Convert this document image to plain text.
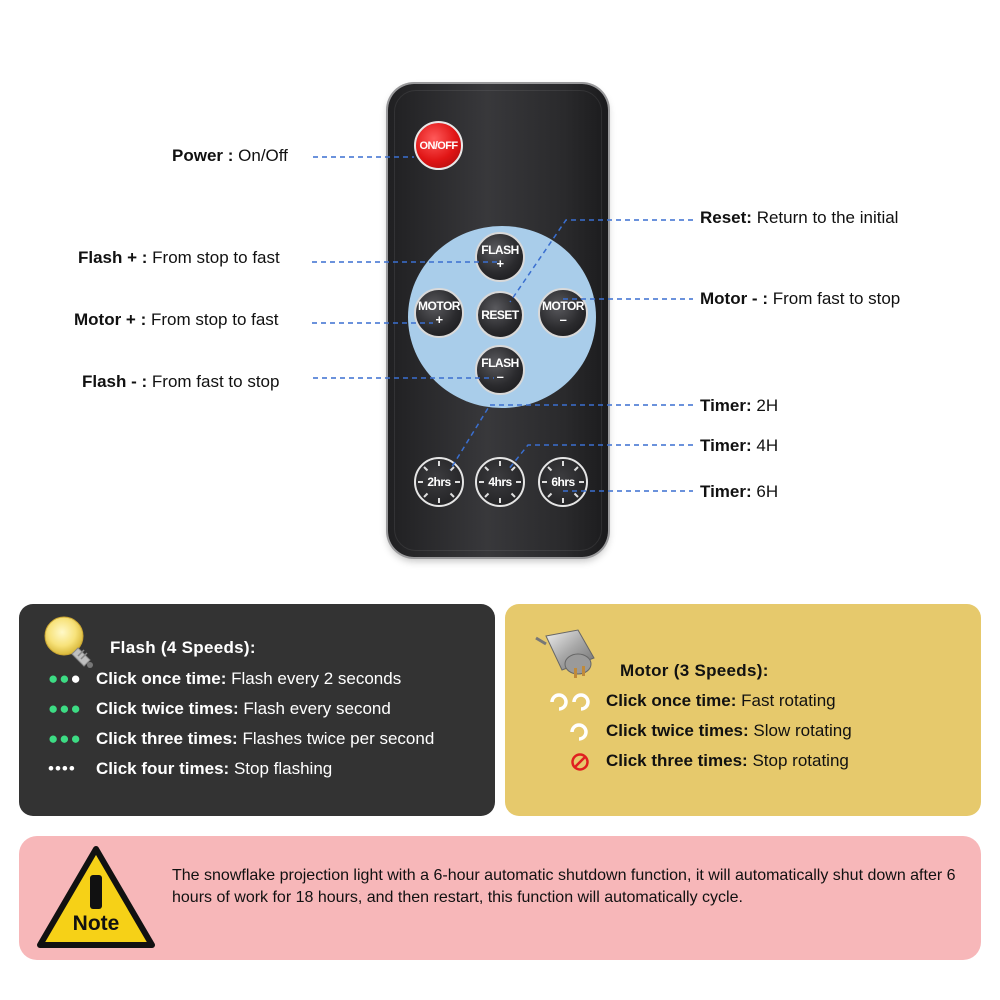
ON/OFF
FLASH
+
MOTOR
+	RESET
MOTOR
–
FLASH
–
2hrs	4hrs	6hrs
Power : On/Off
Flash + : From stop to fast
Motor + : From stop to fast
Flash - : From fast to stop
Reset: Return to the initial
Motor - : From fast to stop
Timer: 2H
Timer: 4H
Timer: 6H
Flash (4 Speeds):
●●● Click once time: Flash every 2 seconds
●●● Click twice times: Flash every second
●●● Click three times: Flashes twice per second
•••• Click four times: Stop flashing
Motor (3 Speeds):
Click once time: Fast rotating
Click twice times: Slow rotating
Click three times: Stop rotating
Note
The snowflake projection light with a 6-hour automatic shutdown function, it will automatically shut down after 6 hours of work for 18 hours, and then restart, this function will automatically cycle.
